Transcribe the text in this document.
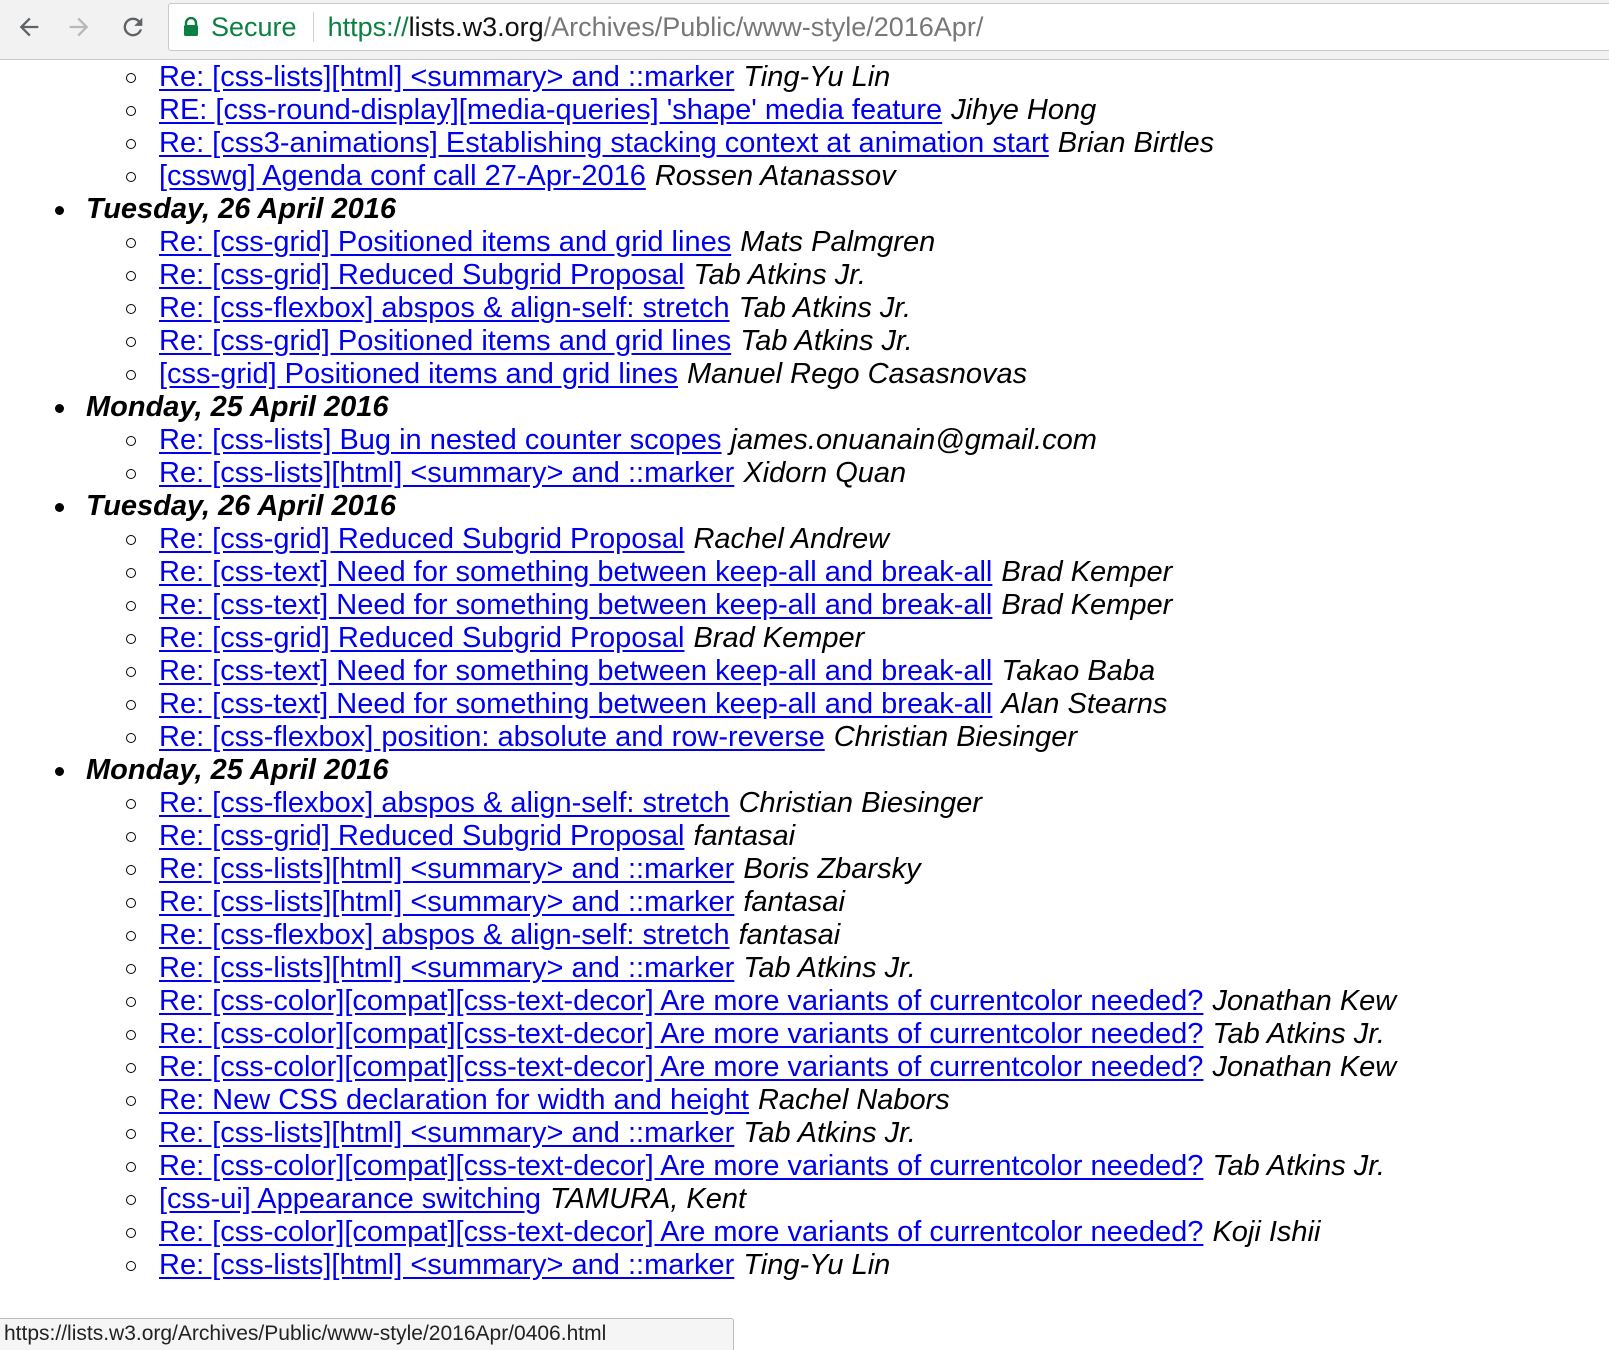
Secure https://lists.w3.org/Archives/Public/www-style/2016Apr/
Re: [css-lists][html] <summary> and ::marker Ting-Yu Lin
RE: [css-round-display][media-queries] 'shape' media feature Jihye Hong
Re: [css3-animations] Establishing stacking context at animation start Brian Birtles
[csswg] Agenda conf call 27-Apr-2016 Rossen Atanassov
Tuesday, 26 April 2016
Re: [css-grid] Positioned items and grid lines Mats Palmgren
Re: [css-grid] Reduced Subgrid Proposal Tab Atkins Jr.
Re: [css-flexbox] abspos & align-self: stretch Tab Atkins Jr.
Re: [css-grid] Positioned items and grid lines Tab Atkins Jr.
[css-grid] Positioned items and grid lines Manuel Rego Casasnovas
Monday, 25 April 2016
Re: [css-lists] Bug in nested counter scopes james.onuanain@gmail.com
Re: [css-lists][html] <summary> and ::marker Xidorn Quan
Tuesday, 26 April 2016
Re: [css-grid] Reduced Subgrid Proposal Rachel Andrew
Re: [css-text] Need for something between keep-all and break-all Brad Kemper
Re: [css-text] Need for something between keep-all and break-all Brad Kemper
Re: [css-grid] Reduced Subgrid Proposal Brad Kemper
Re: [css-text] Need for something between keep-all and break-all Takao Baba
Re: [css-text] Need for something between keep-all and break-all Alan Stearns
Re: [css-flexbox] position: absolute and row-reverse Christian Biesinger
Monday, 25 April 2016
Re: [css-flexbox] abspos & align-self: stretch Christian Biesinger
Re: [css-grid] Reduced Subgrid Proposal fantasai
Re: [css-lists][html] <summary> and ::marker Boris Zbarsky
Re: [css-lists][html] <summary> and ::marker fantasai
Re: [css-flexbox] abspos & align-self: stretch fantasai
Re: [css-lists][html] <summary> and ::marker Tab Atkins Jr.
Re: [css-color][compat][css-text-decor] Are more variants of currentcolor needed? Jonathan Kew
Re: [css-color][compat][css-text-decor] Are more variants of currentcolor needed? Tab Atkins Jr.
Re: [css-color][compat][css-text-decor] Are more variants of currentcolor needed? Jonathan Kew
Re: New CSS declaration for width and height Rachel Nabors
Re: [css-lists][html] <summary> and ::marker Tab Atkins Jr.
Re: [css-color][compat][css-text-decor] Are more variants of currentcolor needed? Tab Atkins Jr.
[css-ui] Appearance switching TAMURA, Kent
Re: [css-color][compat][css-text-decor] Are more variants of currentcolor needed? Koji Ishii
Re: [css-lists][html] <summary> and ::marker Ting-Yu Lin
https://lists.w3.org/Archives/Public/www-style/2016Apr/0406.html
